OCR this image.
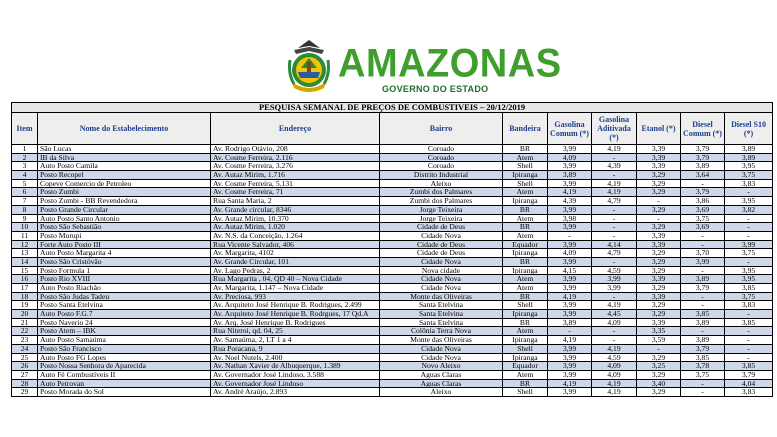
AMAZONAS
GOVERNO DO ESTADO
PESQUISA SEMANAL DE PREÇOS DE COMBUSTIVEIS – 20/12/2019									
Item	Nome do Estabelecimento	Endereço	Bairro	Bandeira	Gasolina Comum (*)	Gasolina Aditivada (*)	Etanol (*)	Diesel Comum (*)	Diesel S10 (*)
1	São Lucas	Av. Rodrigo Otávio, 208	Coroado	BR	3,99	4,19	3,39	3,79	3,89
2	IB da Silva	Av. Cosme Ferreira, 2.116	Coroado	Atem	4,09	-	3,39	3,79	3,89
3	Auto Posto Camila	Av. Cosme Ferreira, 3.276	Coroado	Shell	3,99	4,39	3,39	3,89	3,95
4	Posto Recopel	Av. Autaz Mirim, 1.716	Distrito Industrial	Ipiranga	3,89	-	3,29	3,64	3,75
5	Copeve Comercio de Petroleo	Av. Cosme Ferreira, 5.131	Aleixo	Shell	3,99	4,19	3,29	-	3,83
6	Posto Zumbi	Av. Cosme Ferreira, 71	Zumbi dos Palmares	Atem	4,19	4,19	3,29	3,79	-
7	Posto Zumbi - BB Revendedora	Rua Santa Maria, 2	Zumbi dos Palmares	Ipiranga	4,39	4,79	-	3,86	3,95
8	Posto Grande Circular	Av. Grande circular, 8346	Jorge Teixeira	BR	3,99	-	3,29	3,69	3,82
9	Auto Posto Santo Antonio	Av. Autaz Mirim, 10.370	Jorge Teixeira	Atem	3,98	-	-	3,75	-
10	Posto São Sebastião	Av. Autaz Mirim, 1.020	Cidade de Deus	BR	3,99	-	3,29	3,69	-
11	Posto Murupi	Av. N.S. da Conceição, 1.264	Cidade Nova	Atem	-	-	3,39	-	-
12	Forte Auto Posto III	Rua Vicente Salvador, 406	Cidade de Deus	Equador	3,99	4,14	3,39	-	3,99
13	Auto Posto Margarita 4	Av. Margarita, 4102	Cidade de Deus	Ipiranga	4,09	4,79	3,29	3,70	3,75
14	Posto São Cristóvão	Av. Grande Circular, 101	Cidade Nova	BR	3,99	-	3,29	3,99	-
15	Posto Formula 1	Av. Lago Pedras, 2	Nova cidade	Ipiranga	4,15	4,59	3,29	-	3,95
16	Posto Rio XVIII	Rua Margarita , 04, QD 40 – Nova Cidade	Cidade Nova	Atem	3,99	3,99	3,39	3,89	3,95
17	Auto Posto Riachão	Av. Margarita, 1.147 – Nova Cidade	Cidade Nova	Atem	3,99	3,99	3,29	3,79	3,85
18	Posto São Judas Tadeu	Av. Preciosa, 993	Monte das Oliveiras	BR	4,19	-	3,39	-	3,75
19	Posto Santa Etelvina	Av. Arquiteto José Henrique B. Rodrigues, 2.499	Santa Etelvina	Shell	3,99	4,19	3,29	-	3,83
20	Auto Posto F.G.7	Av. Arquiteto José Henrique B. Rodrgues, 17 Qd.A	Santa Etelvina	Ipiranga	3,99	4,45	3,29	3,85	-
21	Posto Naverio 24	Av. Arq. José Henrique B. Rodrigues	Santa Etelvina	BR	3,89	4,09	3,39	3,89	3,85
22	Posto Atem – IBK	Rua Niteroi, qd. 04, 25	Colônia Terra Nova	Atem	-	-	3,35	-	-
23	Auto Posto Samaúma	Av. Samaúma, 2, LT 1 a 4	Monte das Oliveiras	Ipiranga	4,19	-	3,59	3,89	-
24	Posto São Francisco	Rua Poracana, 9	Cidade Nova	Shell	3,99	4,19	-	3,79	-
25	Auto Posto FG Lopes	Av. Noel Nutels, 2.400	Cidade Nova	Ipiranga	3,99	4,59	3,29	3,85	-
26	Posto Nossa Senhora de Aparecida	Av. Nathan Xavier de Albuquerque, 1.389	Novo Aleixo	Equador	3,99	4,09	3,25	3,78	3,85
27	Auto Fé Combustíveis II	Av. Governador José Lindoso, 3.588	Aguas Claras	Atem	3,99	4,09	3,29	3,75	3,79
28	Auto Petrovan	Av. Governador José Lindoso	Aguas Claras	BR	4,19	4,19	3,40	-	4,04
29	Posto Morada do Sol	Av. André Araújo, 2.893	Aleixo	Shell	3,99	4,19	3,29	-	3,83
